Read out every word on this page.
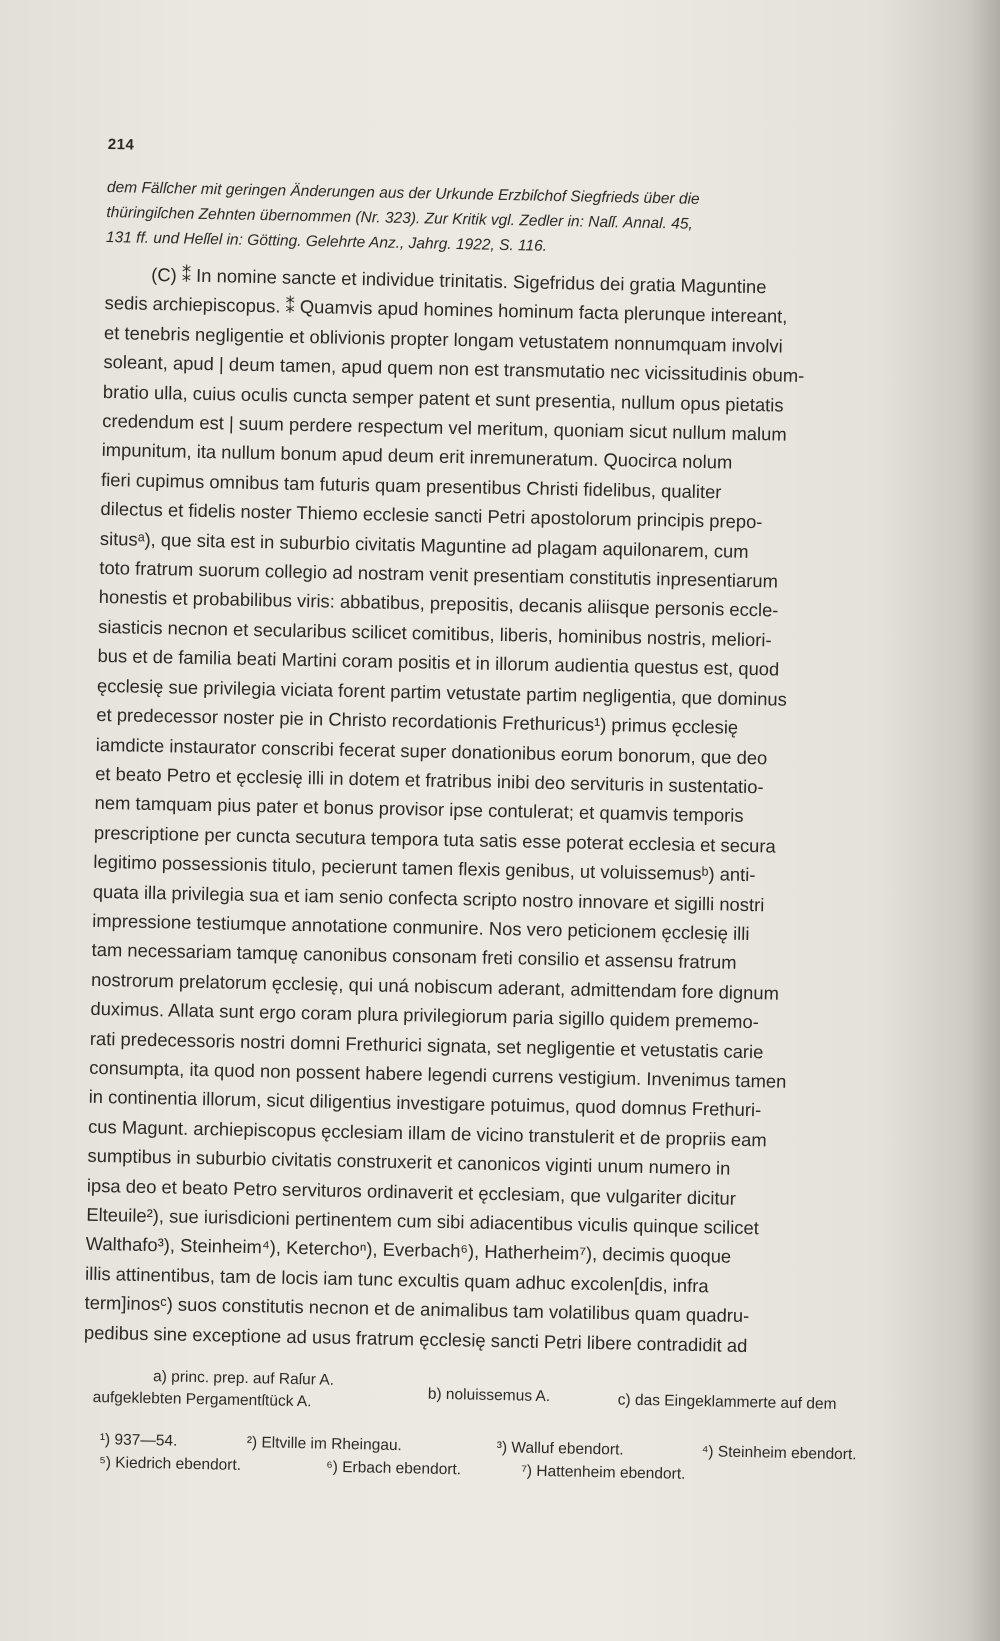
214

dem Fälſcher mit geringen Änderungen aus der Urkunde Erzbiſchof Siegfrieds über die

thüringiſchen Zehnten übernommen (Nr. 323). Zur Kritik vgl. Zedler in: Naſſ. Annal. 45,

131 ff. und Heſſel in: Götting. Gelehrte Anz., Jahrg. 1922, S. 116.

(C) ⁑ In nomine sancte et individue trinitatis. Sigefridus dei gratia Maguntine

sedis archiepiscopus. ⁑ Quamvis apud homines hominum facta plerunque intereant,

et tenebris negligentie et oblivionis propter longam vetustatem nonnumquam involvi

soleant, apud | deum tamen, apud quem non est transmutatio nec vicissitudinis obum-

bratio ulla, cuius oculis cuncta semper patent et sunt presentia, nullum opus pietatis

credendum est | suum perdere respectum vel meritum, quoniam sicut nullum malum

impunitum, ita nullum bonum apud deum erit inremuneratum. Quocirca nolum

fieri cupimus omnibus tam futuris quam presentibus Christi fidelibus, qualiter

dilectus et fidelis noster Thiemo ecclesie sancti Petri apostolorum principis prepo-

situsᵃ), que sita est in suburbio civitatis Maguntine ad plagam aquilonarem, cum

toto fratrum suorum collegio ad nostram venit presentiam constitutis inpresentiarum

honestis et probabilibus viris: abbatibus, prepositis, decanis aliisque personis eccle-

siasticis necnon et secularibus scilicet comitibus, liberis, hominibus nostris, meliori-

bus et de familia beati Martini coram positis et in illorum audientia questus est, quod

ęcclesię sue privilegia viciata forent partim vetustate partim negligentia, que dominus

et predecessor noster pie in Christo recordationis Frethuricus¹) primus ęcclesię

iamdicte instaurator conscribi fecerat super donationibus eorum bonorum, que deo

et beato Petro et ęcclesię illi in dotem et fratribus inibi deo servituris in sustentatio-

nem tamquam pius pater et bonus provisor ipse contulerat; et quamvis temporis

prescriptione per cuncta secutura tempora tuta satis esse poterat ecclesia et secura

legitimo possessionis titulo, pecierunt tamen flexis genibus, ut voluissemusᵇ) anti-

quata illa privilegia sua et iam senio confecta scripto nostro innovare et sigilli nostri

impressione testiumque annotatione conmunire. Nos vero peticionem ęcclesię illi

tam necessariam tamquę canonibus consonam freti consilio et assensu fratrum

nostrorum prelatorum ęcclesię, qui uná nobiscum aderant, admittendam fore dignum

duximus. Allata sunt ergo coram plura privilegiorum paria sigillo quidem prememo-

rati predecessoris nostri domni Frethurici signata, set negligentie et vetustatis carie

consumpta, ita quod non possent habere legendi currens vestigium. Invenimus tamen

in continentia illorum, sicut diligentius investigare potuimus, quod domnus Frethuri-

cus Magunt. archiepiscopus ęcclesiam illam de vicino transtulerit et de propriis eam

sumptibus in suburbio civitatis construxerit et canonicos viginti unum numero in

ipsa deo et beato Petro servituros ordinaverit et ęcclesiam, que vulgariter dicitur

Elteuile²), sue iurisdicioni pertinentem cum sibi adiacentibus viculis quinque scilicet

Walthafo³), Steinheim⁴), Keterchoⁿ), Everbach⁶), Hatherheim⁷), decimis quoque

illis attinentibus, tam de locis iam tunc excultis quam adhuc excolen[dis, infra

term]inosᶜ) suos constitutis necnon et de animalibus tam volatilibus quam quadru-

pedibus sine exceptione ad usus fratrum ęcclesię sancti Petri libere contradidit ad

a) princ. prep. auf Raſur A.
aufgeklebten Pergamentſtück A.	b) noluissemus A.	c) das Eingeklammerte auf dem
¹) 937—54.	²) Eltville im Rheingau.	³) Walluf ebendort.	⁴) Steinheim ebendort.
⁵) Kiedrich ebendort.	⁶) Erbach ebendort.	⁷) Hattenheim ebendort.
